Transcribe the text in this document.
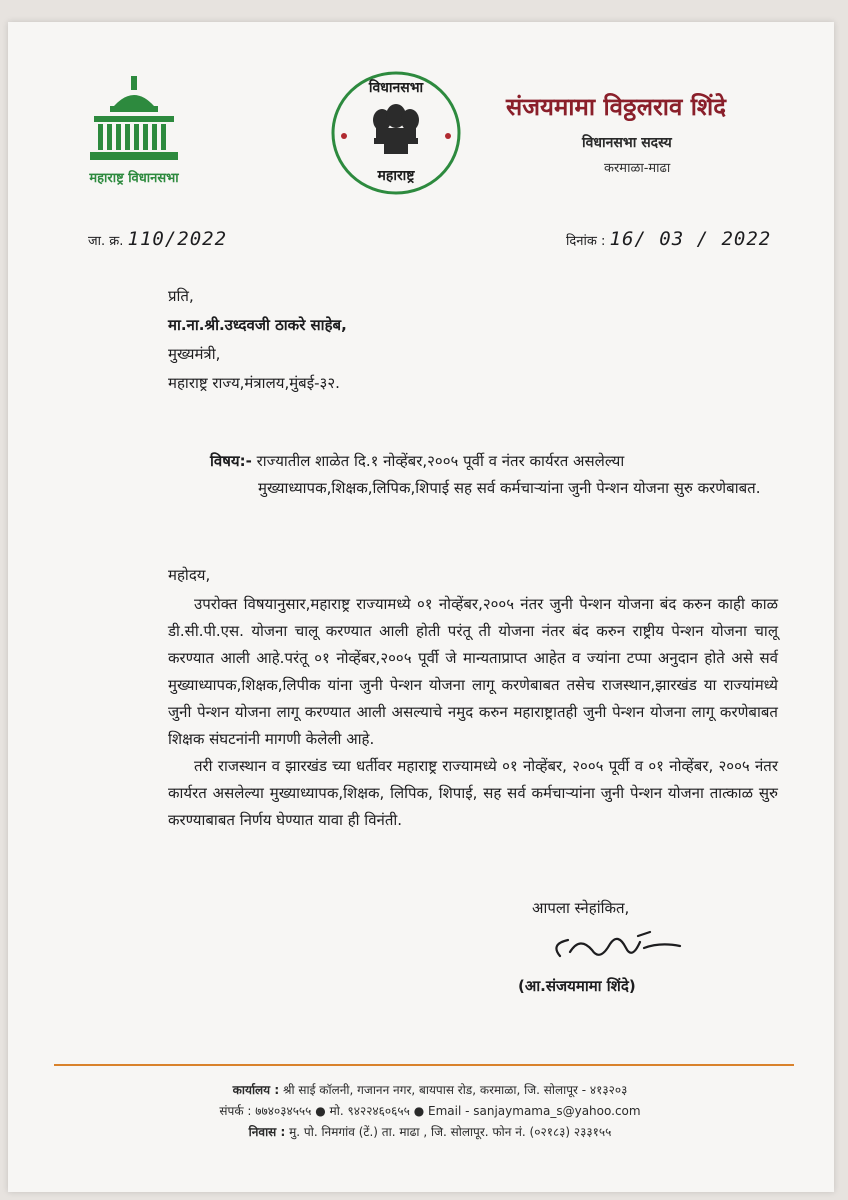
महाराष्ट्र विधानसभा
विधानसभा
महाराष्ट्र
संजयमामा विठ्ठलराव शिंदे
विधानसभा सदस्य
करमाळा-माढा
जा. क्र. 110/2022	दिनांक : 16/ 03 / 2022
प्रति,
मा.ना.श्री.उध्दवजी ठाकरे साहेब,
मुख्यमंत्री,
महाराष्ट्र राज्य,मंत्रालय,मुंबई-३२.
विषय:- राज्यातील शाळेत दि.१ नोव्हेंबर,२००५ पूर्वी व नंतर कार्यरत असलेल्या
मुख्याध्यापक,शिक्षक,लिपिक,शिपाई सह सर्व कर्मचाऱ्यांना जुनी पेन्शन योजना सुरु करणेबाबत.

महोदय,

उपरोक्त विषयानुसार,महाराष्ट्र राज्यामध्ये ०१ नोव्हेंबर,२००५ नंतर जुनी पेन्शन योजना बंद करुन काही काळ डी.सी.पी.एस. योजना चालू करण्यात आली होती परंतू ती योजना नंतर बंद करुन राष्ट्रीय पेन्शन योजना चालू करण्यात आली आहे.परंतू ०१ नोव्हेंबर,२००५ पूर्वी जे मान्यताप्राप्त आहेत व ज्यांना टप्पा अनुदान होते असे सर्व मुख्याध्यापक,शिक्षक,लिपीक यांना जुनी पेन्शन योजना लागू करणेबाबत तसेच राजस्थान,झारखंड या राज्यांमध्ये जुनी पेन्शन योजना लागू करण्यात आली असल्याचे नमुद करुन महाराष्ट्रातही जुनी पेन्शन योजना लागू करणेबाबत शिक्षक संघटनांनी मागणी केलेली आहे.

तरी राजस्थान व झारखंड च्या धर्तीवर महाराष्ट्र राज्यामध्ये ०१ नोव्हेंबर, २००५ पूर्वी व ०१ नोव्हेंबर, २००५ नंतर कार्यरत असलेल्या मुख्याध्यापक,शिक्षक, लिपिक, शिपाई, सह सर्व कर्मचाऱ्यांना जुनी पेन्शन योजना तात्काळ सुरु करण्याबाबत निर्णय घेण्यात यावा ही विनंती.

आपला स्नेहांकित,
(आ.संजयमामा शिंदे)
कार्यालय : श्री साई कॉलनी, गजानन नगर, बायपास रोड, करमाळा, जि. सोलापूर - ४१३२०३
संपर्क : ७७४०३४५५५ ● मो. ९४२२४६०६५५ ● Email - sanjaymama_s@yahoo.com
निवास : मु. पो. निमगांव (टें.) ता. माढा , जि. सोलापूर. फोन नं. (०२१८३) २३३१५५
